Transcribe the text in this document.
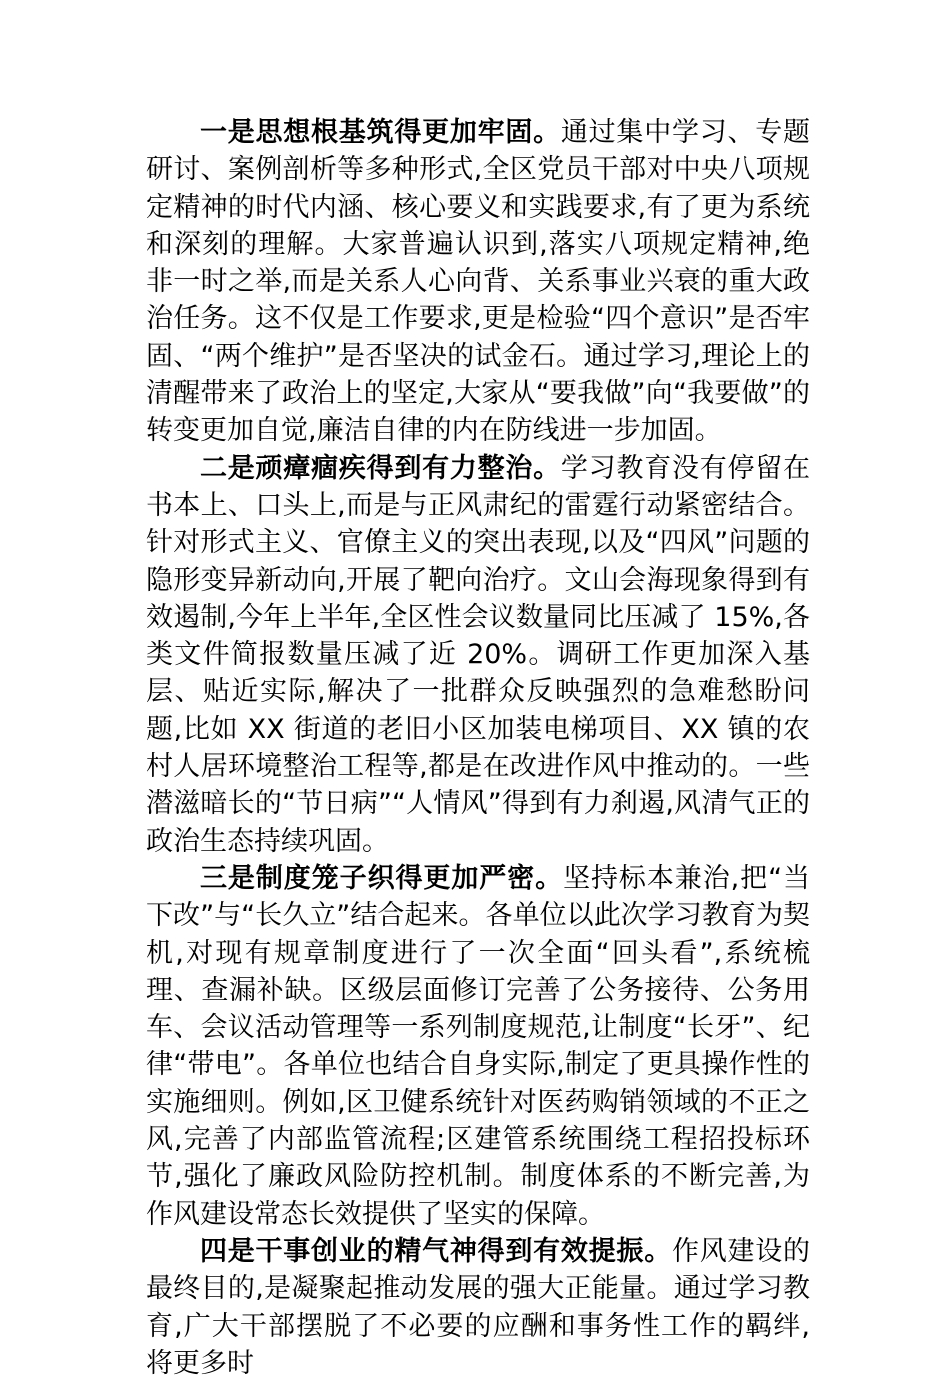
一是思想根基筑得更加牢固。通过集中学习、专题研讨、案例剖析等多种形式,全区党员干部对中央八项规定精神的时代内涵、核心要义和实践要求,有了更为系统和深刻的理解。大家普遍认识到,落实八项规定精神,绝非一时之举,而是关系人心向背、关系事业兴衰的重大政治任务。这不仅是工作要求,更是检验“四个意识”是否牢固、“两个维护”是否坚决的试金石。通过学习,理论上的清醒带来了政治上的坚定,大家从“要我做”向“我要做”的转变更加自觉,廉洁自律的内在防线进一步加固。

二是顽瘴痼疾得到有力整治。学习教育没有停留在书本上、口头上,而是与正风肃纪的雷霆行动紧密结合。针对形式主义、官僚主义的突出表现,以及“四风”问题的隐形变异新动向,开展了靶向治疗。文山会海现象得到有效遏制,今年上半年,全区性会议数量同比压减了 15%,各类文件简报数量压减了近 20%。调研工作更加深入基层、贴近实际,解决了一批群众反映强烈的急难愁盼问题,比如 XX 街道的老旧小区加装电梯项目、XX 镇的农村人居环境整治工程等,都是在改进作风中推动的。一些潜滋暗长的“节日病”“人情风”得到有力刹遏,风清气正的政治生态持续巩固。

三是制度笼子织得更加严密。坚持标本兼治,把“当下改”与“长久立”结合起来。各单位以此次学习教育为契机,对现有规章制度进行了一次全面“回头看”,系统梳理、查漏补缺。区级层面修订完善了公务接待、公务用车、会议活动管理等一系列制度规范,让制度“长牙”、纪律“带电”。各单位也结合自身实际,制定了更具操作性的实施细则。例如,区卫健系统针对医药购销领域的不正之风,完善了内部监管流程;区建管系统围绕工程招投标环节,强化了廉政风险防控机制。制度体系的不断完善,为作风建设常态长效提供了坚实的保障。

四是干事创业的精气神得到有效提振。作风建设的最终目的,是凝聚起推动发展的强大正能量。通过学习教育,广大干部摆脱了不必要的应酬和事务性工作的羁绊,将更多时
